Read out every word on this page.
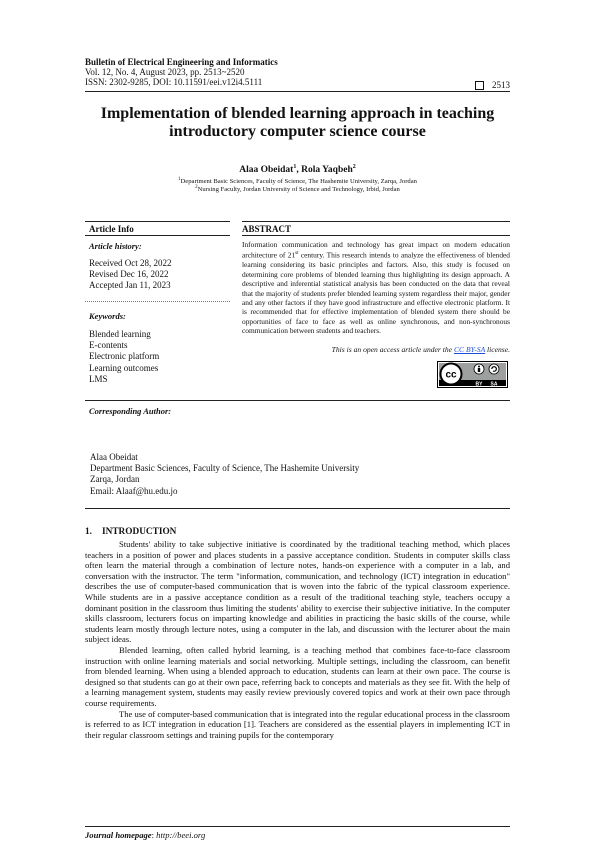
Bulletin of Electrical Engineering and Informatics
Vol. 12, No. 4, August 2023, pp. 2513~2520
ISSN: 2302-9285, DOI: 10.11591/eei.v12i4.5111	2513
Implementation of blended learning approach in teaching
introductory computer science course
Alaa Obeidat$^1$, Rola Yaqbeh$^2$
$^1$Department Basic Sciences, Faculty of Science, The Hashemite University, Zarqa, Jordan
$^2$Nursing Faculty, Jordan University of Science and Technology, Irbid, Jordan
Article Info	ABSTRACT
Article history:
Received Oct 28, 2022
Revised Dec 16, 2022
Accepted Jan 11, 2023
Keywords:
Blended learning
E-contents
Electronic platform
Learning outcomes
LMS
Information communication and technology has great impact on modern education architecture of 21st century. This research intends to analyze the effectiveness of blended learning considering its basic principles and factors. Also, this study is focused on determining core problems of blended learning thus highlighting its design approach. A descriptive and inferential statistical analysis has been conducted on the data that reveal that the majority of students prefer blended learning system regardless their major, gender and any other factors if they have good infrastructure and effective electronic platform. It is recommended that for effective implementation of blended system there should be opportunities of face to face as well as online synchronous, and non-synchronous communication between students and teachers.
This is an open access article under the CC BY-SA license.
cc
BY SA
Corresponding Author:
Alaa Obeidat
Department Basic Sciences, Faculty of Science, The Hashemite University
Zarqa, Jordan
Email: Alaaf@hu.edu.jo
1. INTRODUCTION

Students' ability to take subjective initiative is coordinated by the traditional teaching method, which places teachers in a position of power and places students in a passive acceptance condition. Students in computer skills class often learn the material through a combination of lecture notes, hands-on experience with a computer in a lab, and conversation with the instructor. The term "information, communication, and technology (ICT) integration in education" describes the use of computer-based communication that is woven into the fabric of the typical classroom experience. While students are in a passive acceptance condition as a result of the traditional teaching style, teachers occupy a dominant position in the classroom thus limiting the students' ability to exercise their subjective initiative. In the computer skills classroom, lecturers focus on imparting knowledge and abilities in practicing the basic skills of the course, while students learn mostly through lecture notes, using a computer in the lab, and discussion with the lecturer about the main subject ideas.

Blended learning, often called hybrid learning, is a teaching method that combines face-to-face classroom instruction with online learning materials and social networking. Multiple settings, including the classroom, can benefit from blended learning. When using a blended approach to education, students can learn at their own pace. The course is designed so that students can go at their own pace, referring back to concepts and materials as they see fit. With the help of a learning management system, students may easily review previously covered topics and work at their own pace through course requirements.

The use of computer-based communication that is integrated into the regular educational process in the classroom is referred to as ICT integration in education [1]. Teachers are considered as the essential players in implementing ICT in their regular classroom settings and training pupils for the contemporary

Journal homepage: http://beei.org
